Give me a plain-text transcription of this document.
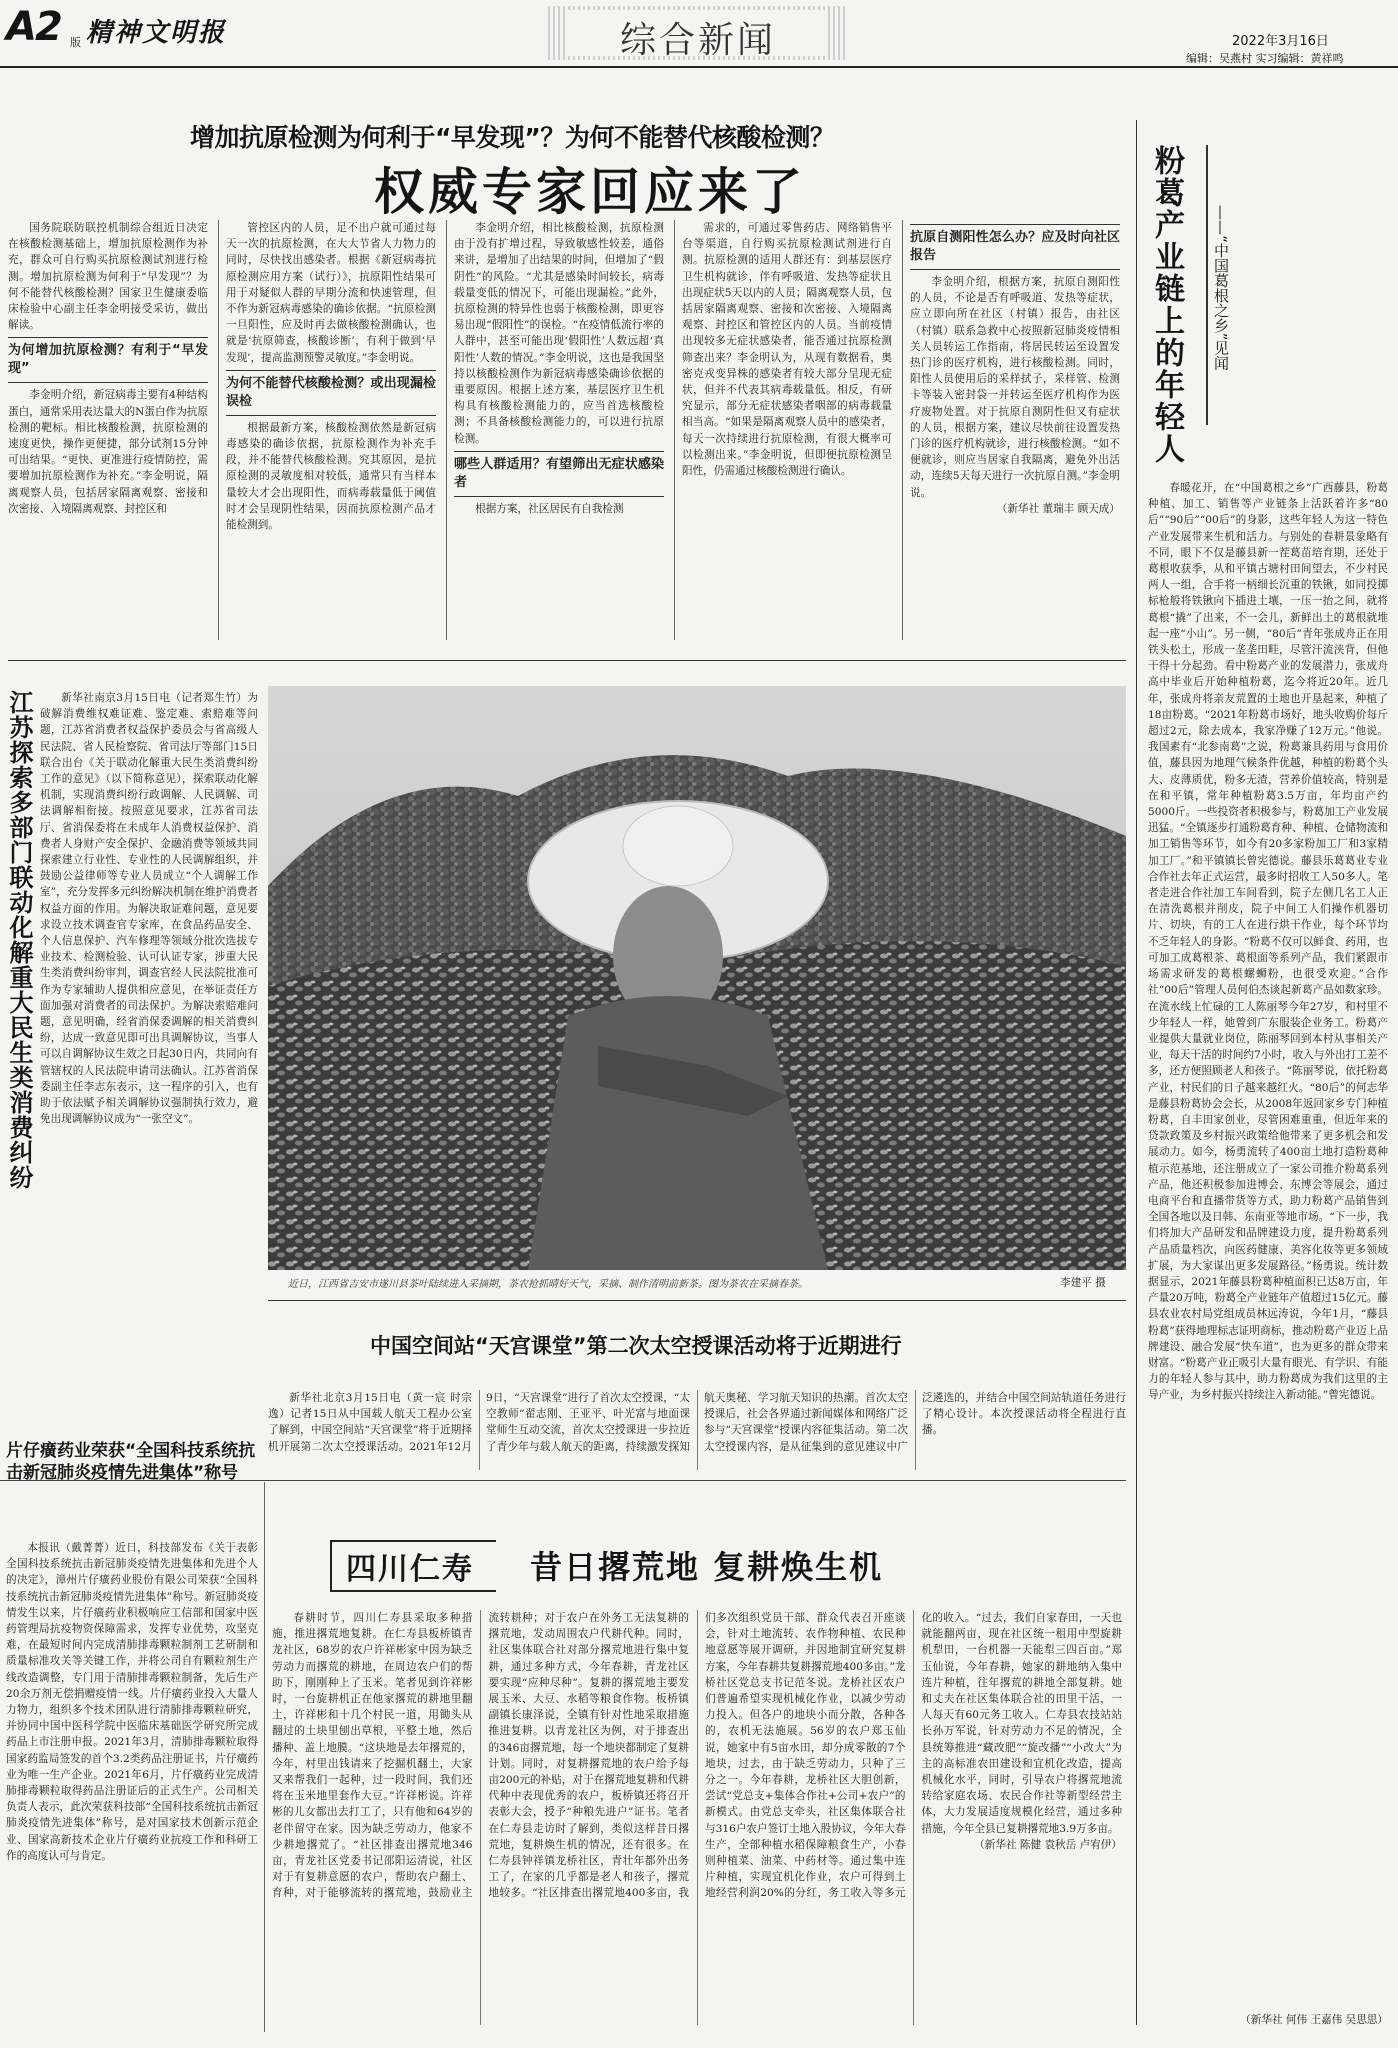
A2 版 精神文明报	综合新闻	2022年3月16日
编辑：吴燕村 实习编辑：黄祥鸣
增加抗原检测为何利于“早发现”？为何不能替代核酸检测？
权威专家回应来了

国务院联防联控机制综合组近日决定在核酸检测基础上，增加抗原检测作为补充，群众可自行购买抗原检测试剂进行检测。增加抗原检测为何利于“早发现”？为何不能替代核酸检测？国家卫生健康委临床检验中心副主任李金明接受采访，做出解读。

为何增加抗原检测？有利于“早发现”

李金明介绍，新冠病毒主要有4种结构蛋白，通常采用表达量大的N蛋白作为抗原检测的靶标。相比核酸检测，抗原检测的速度更快，操作更便捷，部分试剂15分钟可出结果。“更快、更准进行疫情防控，需要增加抗原检测作为补充。”李金明说，隔离观察人员，包括居家隔离观察、密接和次密接、入境隔离观察、封控区和

管控区内的人员，足不出户就可通过每天一次的抗原检测，在大大节省人力物力的同时，尽快找出感染者。根据《新冠病毒抗原检测应用方案（试行）》，抗原阳性结果可用于对疑似人群的早期分流和快速管理，但不作为新冠病毒感染的确诊依据。“抗原检测一旦阳性，应及时再去做核酸检测确认，也就是‘抗原筛查，核酸诊断’，有利于做到‘早发现’，提高监测预警灵敏度。”李金明说。

为何不能替代核酸检测？或出现漏检误检

根据最新方案，核酸检测依然是新冠病毒感染的确诊依据，抗原检测作为补充手段，并不能替代核酸检测。究其原因，是抗原检测的灵敏度相对较低，通常只有当样本量较大才会出现阳性，而病毒载量低于阈值时才会呈现阴性结果，因而抗原检测产品才能检测到。

李金明介绍，相比核酸检测，抗原检测由于没有扩增过程，导致敏感性较差，通俗来讲，是增加了出结果的时间，但增加了“假阴性”的风险。“尤其是感染时间较长，病毒载量变低的情况下，可能出现漏检。”此外，抗原检测的特异性也弱于核酸检测，即更容易出现“假阳性”的误检。“在疫情低流行率的人群中，甚至可能出现‘假阳性’人数远超‘真阳性’人数的情况。”李金明说，这也是我国坚持以核酸检测作为新冠病毒感染确诊依据的重要原因。根据上述方案，基层医疗卫生机构具有核酸检测能力的，应当首选核酸检测；不具备核酸检测能力的，可以进行抗原检测。

哪些人群适用？有望筛出无症状感染者

根据方案，社区居民有自我检测

需求的，可通过零售药店、网络销售平台等渠道，自行购买抗原检测试剂进行自测。抗原检测的适用人群还有：到基层医疗卫生机构就诊，伴有呼吸道、发热等症状且出现症状5天以内的人员；隔离观察人员，包括居家隔离观察、密接和次密接、入境隔离观察、封控区和管控区内的人员。当前疫情出现较多无症状感染者，能否通过抗原检测筛查出来？李金明认为，从现有数据看，奥密克戎变异株的感染者有较大部分呈现无症状，但并不代表其病毒载量低。相反，有研究显示，部分无症状感染者咽部的病毒载量相当高。“如果是隔离观察人员中的感染者，每天一次持续进行抗原检测，有很大概率可以检测出来。”李金明说，但即便抗原检测呈阳性，仍需通过核酸检测进行确认。

抗原自测阳性怎么办？应及时向社区报告

李金明介绍，根据方案，抗原自测阳性的人员，不论是否有呼吸道、发热等症状，应立即向所在社区（村镇）报告，由社区（村镇）联系急救中心按照新冠肺炎疫情相关人员转运工作指南，将居民转运至设置发热门诊的医疗机构，进行核酸检测。同时，阳性人员使用后的采样拭子，采样管、检测卡等装入密封袋一并转运至医疗机构作为医疗废物处置。对于抗原自测阴性但又有症状的人员，根据方案，建议尽快前往设置发热门诊的医疗机构就诊，进行核酸检测。“如不便就诊，则应当居家自我隔离，避免外出活动，连续5天每天进行一次抗原自测。”李金明说。

（新华社 董瑞丰 顾天成）
粉葛产业链上的年轻人 ——“中国葛根之乡”见闻

春暖花开，在“中国葛根之乡”广西藤县，粉葛种植、加工、销售等产业链条上活跃着许多“80后”“90后”“00后”的身影，这些年轻人为这一特色产业发展带来生机和活力。与别处的春耕景象略有不同，眼下不仅是藤县新一茬葛苗培育期，还处于葛根收获季，从和平镇古塘村田间望去，不少村民两人一组，合手将一柄细长沉重的铁锹，如同投掷标枪般将铁锹向下插进土壤，一压一抬之间，就将葛根“撬”了出来，不一会儿，新鲜出土的葛根就堆起一座“小山”。另一侧，“80后”青年张成舟正在用铁头松土，形成一垄垄田畦，尽管汗流浃背，但他干得十分起劲。看中粉葛产业的发展潜力，张成舟高中毕业后开始种植粉葛，迄今将近20年。近几年，张成舟将亲友荒置的土地也开垦起来，种植了18亩粉葛。“2021年粉葛市场好，地头收购价每斤超过2元，除去成本，我家净赚了12万元。”他说。我国素有“北参南葛”之说，粉葛兼具药用与食用价值，藤县因为地理气候条件优越，种植的粉葛个头大、皮薄质优，粉多无渣，营养价值较高，特别是在和平镇，常年种植粉葛3.5万亩，年均亩产约5000斤。一些投资者积极参与，粉葛加工产业发展迅猛。“全镇逐步打通粉葛育种、种植、仓储物流和加工销售等环节，如今有20多家粉加工厂和3家精加工厂。”和平镇镇长曾宪德说。藤县乐葛葛业专业合作社去年正式运营，最多时招收工人50多人。笔者走进合作社加工车间看到，院子左侧几名工人正在清洗葛根并削皮，院子中间工人们操作机器切片、切块，有的工人在进行烘干作业，每个环节均不乏年轻人的身影。“粉葛不仅可以鲜食、药用，也可加工成葛根茶、葛根面等系列产品，我们紧跟市场需求研发的葛根螺蛳粉，也很受欢迎。”合作社“00后”管理人员何伯杰谈起新葛产品如数家珍。在流水线上忙碌的工人陈丽琴今年27岁，和村里不少年轻人一样，她曾到广东服装企业务工。粉葛产业提供大量就业岗位，陈丽琴回到本村从事相关产业，每天干活的时间约7小时，收入与外出打工差不多，还方便照顾老人和孩子。“陈丽琴说，依托粉葛产业，村民们的日子越来越红火。“80后”的何志华是藤县粉葛协会会长，从2008年返回家乡专门种植粉葛，自丰田家创业，尽管困难重重，但近年来的贷款政策及乡村振兴政策给他带来了更多机会和发展动力。如今，杨勇流转了400亩土地打造粉葛种植示范基地，还注册成立了一家公司推介粉葛系列产品，他还积极参加进博会、东博会等展会，通过电商平台和直播带货等方式，助力粉葛产品销售到全国各地以及日韩、东南亚等地市场。“下一步，我们将加大产品研发和品牌建设力度，提升粉葛系列产品质量档次，向医药健康、美容化妆等更多领域扩展，为大家谋出更多发展路径。”杨勇说。统计数据显示，2021年藤县粉葛种植面积已达8万亩，年产量20万吨，粉葛全产业链年产值超过15亿元。藤县农业农村局党组成员林远涛说，今年1月，“藤县粉葛”获得地理标志证明商标，推动粉葛产业迈上品牌建设、融合发展“快车道”，也为更多的群众带来财富。“粉葛产业正吸引大量有眼光、有学识、有能力的年轻人参与其中，助力粉葛成为我们这里的主导产业，为乡村振兴持续注入新动能。”曾宪德说。

（新华社 何伟 王嘉伟 吴思思）
江苏探索多部门联动化解重大民生类消费纠纷	新华社南京3月15日电（记者郑生竹）为破解消费维权难证难、鉴定难、索赔难等问题，江苏省消费者权益保护委员会与省高级人民法院、省人民检察院、省司法厅等部门15日联合出台《关于联动化解重大民生类消费纠纷工作的意见》（以下简称意见），探索联动化解机制，实现消费纠纷行政调解、人民调解、司法调解相衔接。按照意见要求，江苏省司法厅、省消保委将在未成年人消费权益保护、消费者人身财产安全保护、金融消费等领域共同探索建立行业性、专业性的人民调解组织，并鼓励公益律师等专业人员成立“个人调解工作室”，充分发挥多元纠纷解决机制在维护消费者权益方面的作用。为解决取证难问题，意见要求设立技术调查官专家库，在食品药品安全、个人信息保护、汽车修理等领域分批次选拔专业技术、检测检验、认可认证专家，涉重大民生类消费纠纷审判，调查官经人民法院批准可作为专家辅助人提供相应意见，在举证责任方面加强对消费者的司法保护。为解决索赔难问题，意见明确，经省消保委调解的相关消费纠纷，达成一致意见即可出具调解协议，当事人可以自调解协议生效之日起30日内，共同向有管辖权的人民法院申请司法确认。江苏省消保委副主任李志东表示，这一程序的引入，也有助于依法赋予相关调解协议强制执行效力，避免出现调解协议成为“一张空文”。

近日，江西省吉安市遂川县茶叶陆续进入采摘期，茶农抢抓晴好天气，采摘、制作清明前新茶。图为茶农在采摘春茶。	李建平 摄
中国空间站“天宫课堂”第二次太空授课活动将于近期进行

新华社北京3月15日电（黄一宸 时宗逸）记者15日从中国载人航天工程办公室了解到，中国空间站“天宫课堂”将于近期择机开展第二次太空授课活动。2021年12月9日，“天宫课堂”进行了首次太空授课，“太空教师”翟志刚、王亚平、叶光富与地面课堂师生互动交流，首次太空授课进一步拉近了青少年与载人航天的距离，持续激发探知航天奥秘、学习航天知识的热潮。首次太空授课后，社会各界通过新闻媒体和网络广泛参与“天宫课堂”授课内容征集活动。第二次太空授课内容，是从征集到的意见建议中广泛遴选的，并结合中国空间站轨道任务进行了精心设计。本次授课活动将全程进行直播。

片仔癀药业荣获“全国科技系统抗击新冠肺炎疫情先进集体”称号

本报讯（戴菁菁）近日，科技部发布《关于表彰全国科技系统抗击新冠肺炎疫情先进集体和先进个人的决定》，漳州片仔癀药业股份有限公司荣获“全国科技系统抗击新冠肺炎疫情先进集体”称号。新冠肺炎疫情发生以来，片仔癀药业积极响应工信部和国家中医药管理局抗疫物资保障需求，发挥专业优势，攻坚克难，在最短时间内完成清肺排毒颗粒制剂工艺研制和质量标准攻关等关键工作，并将公司自有颗粒剂生产线改造调整，专门用于清肺排毒颗粒制备，先后生产20余万剂无偿捐赠疫情一线。片仔癀药业投入大量人力物力，组织多个技术团队进行清肺排毒颗粒研究，并协同中国中医科学院中医临床基础医学研究所完成药品上市注册申报。2021年3月，清肺排毒颗粒取得国家药监局签发的首个3.2类药品注册证书，片仔癀药业为唯一生产企业。2021年6月，片仔癀药业完成清肺排毒颗粒取得药品注册证后的正式生产。公司相关负责人表示，此次荣获科技部“全国科技系统抗击新冠肺炎疫情先进集体”称号，是对国家技术创新示范企业、国家高新技术企业片仔癀药业抗疫工作和科研工作的高度认可与肯定。

四川仁寿	昔日撂荒地 复耕焕生机

春耕时节，四川仁寿县采取多种措施，推进撂荒地复耕。在仁寿县板桥镇青龙社区，68岁的农户许祥彬家中因为缺乏劳动力而撂荒的耕地，在周边农户们的帮助下，刚刚种上了玉米。笔者见到许祥彬时，一台旋耕机正在他家撂荒的耕地里翻土，许祥彬和十几个村民一道，用锄头从翻过的土块里刨出草根，平整土地，然后播种、盖上地膜。“这块地是去年撂荒的，今年，村里出钱请来了挖掘机翻土，大家又来帮我们一起种，过一段时间，我们还将在玉米地里套作大豆。”许祥彬说。许祥彬的儿女都出去打工了，只有他和64岁的老伴留守在家。因为缺乏劳动力，他家不少耕地撂荒了。“社区排查出撂荒地346亩，青龙社区党委书记邵阳运清说，社区对于有复耕意愿的农户，帮助农户翻土、育种，对于能够流转的撂荒地，鼓励业主流转耕种；对于农户在外务工无法复耕的撂荒地，发动周围农户代耕代种。同时，社区集体联合社对部分撂荒地进行集中复耕，通过多种方式，今年春耕，青龙社区要实现“应种尽种”。复耕的撂荒地主要发展玉米、大豆、水稻等粮食作物。板桥镇副镇长康泽说，全镇有针对性地采取措施推进复耕。以青龙社区为例，对于排查出的346亩撂荒地，每一个地块都制定了复耕计划。同时，对复耕撂荒地的农户给予每亩200元的补贴，对于在撂荒地复耕和代耕代种中表现优秀的农户，板桥镇还将召开表彰大会，授予“种粮先进户”证书。笔者在仁寿县走访时了解到，类似这样昔日撂荒地，复耕焕生机的情况，还有很多。在仁寿县钟祥镇龙桥社区，青壮年都外出务工了，在家的几乎都是老人和孩子，撂荒地较多。“社区排查出撂荒地400多亩，我们多次组织党员干部、群众代表召开座谈会，针对土地流转、农作物种植、农民种地意愿等展开调研，并因地制宜研究复耕方案，今年春耕共复耕撂荒地400多亩。”龙桥社区党总支书记范冬说。龙桥社区农户们普遍希望实现机械化作业，以减少劳动力投入。但各户的地块小而分散，各种各的，农机无法施展。56岁的农户郑玉仙说，她家中有5亩水田，却分成零散的7个地块，过去，由于缺乏劳动力，只种了三分之一。今年春耕，龙桥社区大胆创新，尝试“党总支+集体合作社+公司+农户”的新模式。由党总支牵头，社区集体联合社与316户农户签订土地入股协议，今年大春生产，全部种植水稻保障粮食生产，小春则种植菜、油菜、中药材等。通过集中连片种植，实现宜机化作业，农户可得到土地经营利润20%的分红，务工收入等多元化的收入。“过去，我们自家春田，一天也就能翻两亩，现在社区统一租用中型旋耕机犁田，一台机器一天能犁三四百亩。”郑玉仙说，今年春耕，她家的耕地纳入集中连片种植，往年撂荒的耕地全部复耕。她和丈夫在社区集体联合社的田里干活，一人每天有60元务工收入。仁寿县农技站站长孙万军说，针对劳动力不足的情况，全县统筹推进“藏改肥”“旋改播”“小改大”为主的高标准农田建设和宜机化改造，提高机械化水平，同时，引导农户将撂荒地流转给家庭农场、农民合作社等新型经营主体，大力发展适度规模化经营，通过多种措施，今年全县已复耕撂荒地3.9万多亩。

（新华社 陈健 袁秋岳 卢宥伊）
